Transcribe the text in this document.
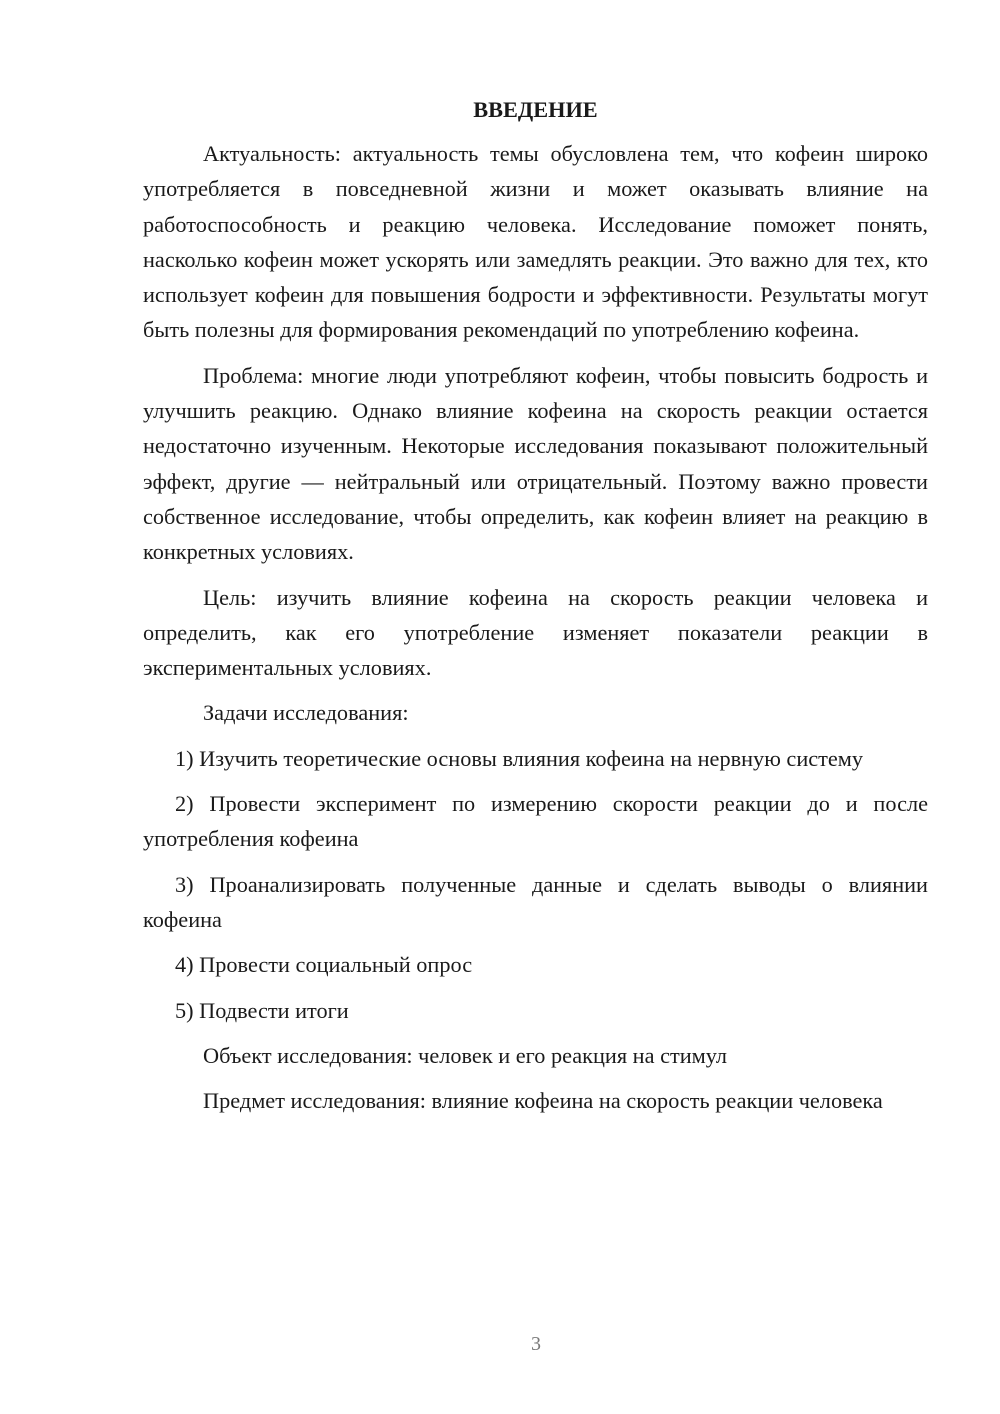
ВВЕДЕНИЕ

Актуальность: актуальность темы обусловлена тем, что кофеин широко употребляется в повседневной жизни и может оказывать влияние на работоспособность и реакцию человека. Исследование поможет понять, насколько кофеин может ускорять или замедлять реакции. Это важно для тех, кто использует кофеин для повышения бодрости и эффективности. Результаты могут быть полезны для формирования рекомендаций по употреблению кофеина.

Проблема: многие люди употребляют кофеин, чтобы повысить бодрость и улучшить реакцию. Однако влияние кофеина на скорость реакции остается недостаточно изученным. Некоторые исследования показывают положительный эффект, другие — нейтральный или отрицательный. Поэтому важно провести собственное исследование, чтобы определить, как кофеин влияет на реакцию в конкретных условиях.

Цель: изучить влияние кофеина на скорость реакции человека и определить, как его употребление изменяет показатели реакции в экспериментальных условиях.

Задачи исследования:

1) Изучить теоретические основы влияния кофеина на нервную систему

2) Провести эксперимент по измерению скорости реакции до и после употребления кофеина

3) Проанализировать полученные данные и сделать выводы о влиянии кофеина

4) Провести социальный опрос

5) Подвести итоги

Объект исследования: человек и его реакция на стимул

Предмет исследования: влияние кофеина на скорость реакции человека

3
